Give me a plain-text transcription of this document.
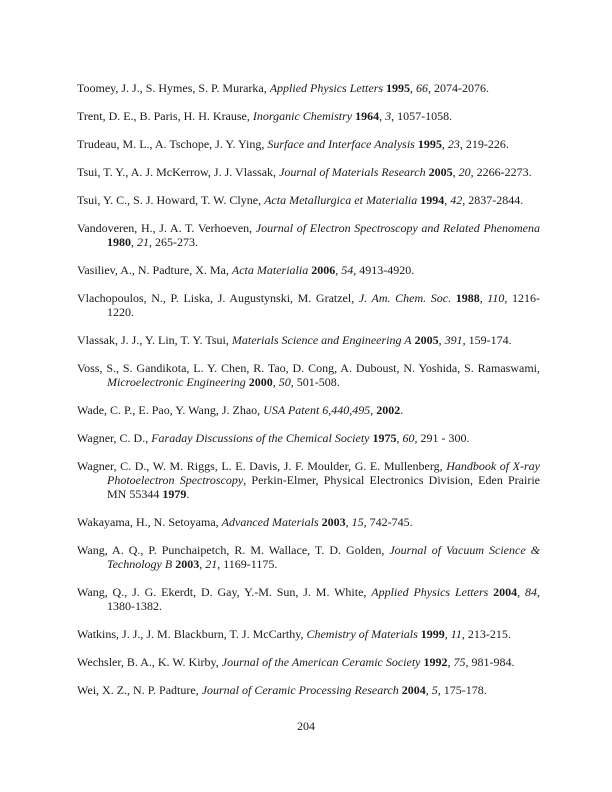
Toomey, J. J., S. Hymes, S. P. Murarka, Applied Physics Letters 1995, 66, 2074-2076.

Trent, D. E., B. Paris, H. H. Krause, Inorganic Chemistry 1964, 3, 1057-1058.

Trudeau, M. L., A. Tschope, J. Y. Ying, Surface and Interface Analysis 1995, 23, 219-226.

Tsui, T. Y., A. J. McKerrow, J. J. Vlassak, Journal of Materials Research 2005, 20, 2266-2273.

Tsui, Y. C., S. J. Howard, T. W. Clyne, Acta Metallurgica et Materialia 1994, 42, 2837-2844.

Vandoveren, H., J. A. T. Verhoeven, Journal of Electron Spectroscopy and Related Phenomena 1980, 21, 265-273.

Vasiliev, A., N. Padture, X. Ma, Acta Materialia 2006, 54, 4913-4920.

Vlachopoulos, N., P. Liska, J. Augustynski, M. Gratzel, J. Am. Chem. Soc. 1988, 110, 1216-1220.

Vlassak, J. J., Y. Lin, T. Y. Tsui, Materials Science and Engineering A 2005, 391, 159-174.

Voss, S., S. Gandikota, L. Y. Chen, R. Tao, D. Cong, A. Duboust, N. Yoshida, S. Ramaswami, Microelectronic Engineering 2000, 50, 501-508.

Wade, C. P., E. Pao, Y. Wang, J. Zhao, USA Patent 6,440,495, 2002.

Wagner, C. D., Faraday Discussions of the Chemical Society 1975, 60, 291 - 300.

Wagner, C. D., W. M. Riggs, L. E. Davis, J. F. Moulder, G. E. Mullenberg, Handbook of X-ray Photoelectron Spectroscopy, Perkin-Elmer, Physical Electronics Division, Eden Prairie MN 55344 1979.

Wakayama, H., N. Setoyama, Advanced Materials 2003, 15, 742-745.

Wang, A. Q., P. Punchaipetch, R. M. Wallace, T. D. Golden, Journal of Vacuum Science & Technology B 2003, 21, 1169-1175.

Wang, Q., J. G. Ekerdt, D. Gay, Y.-M. Sun, J. M. White, Applied Physics Letters 2004, 84, 1380-1382.

Watkins, J. J., J. M. Blackburn, T. J. McCarthy, Chemistry of Materials 1999, 11, 213-215.

Wechsler, B. A., K. W. Kirby, Journal of the American Ceramic Society 1992, 75, 981-984.

Wei, X. Z., N. P. Padture, Journal of Ceramic Processing Research 2004, 5, 175-178.

204
